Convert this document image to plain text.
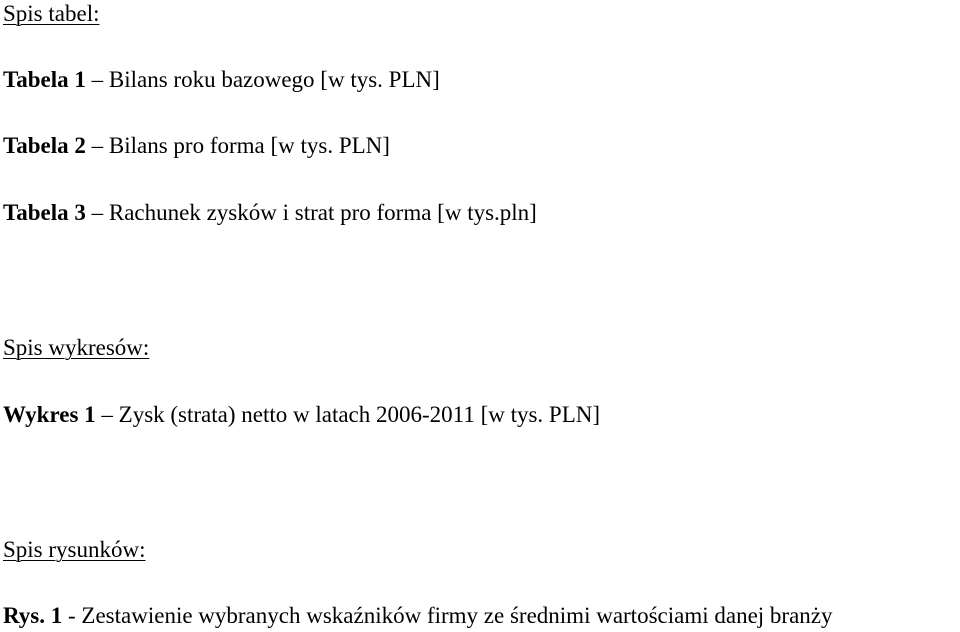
Spis tabel:
Tabela 1 – Bilans roku bazowego [w tys. PLN]
Tabela 2 – Bilans pro forma [w tys. PLN]
Tabela 3 – Rachunek zysków i strat pro forma [w tys.pln]
Spis wykresów:
Wykres 1 – Zysk (strata) netto w latach 2006-2011 [w tys. PLN]
Spis rysunków:
Rys. 1 - Zestawienie wybranych wskaźników firmy ze średnimi wartościami danej branży
